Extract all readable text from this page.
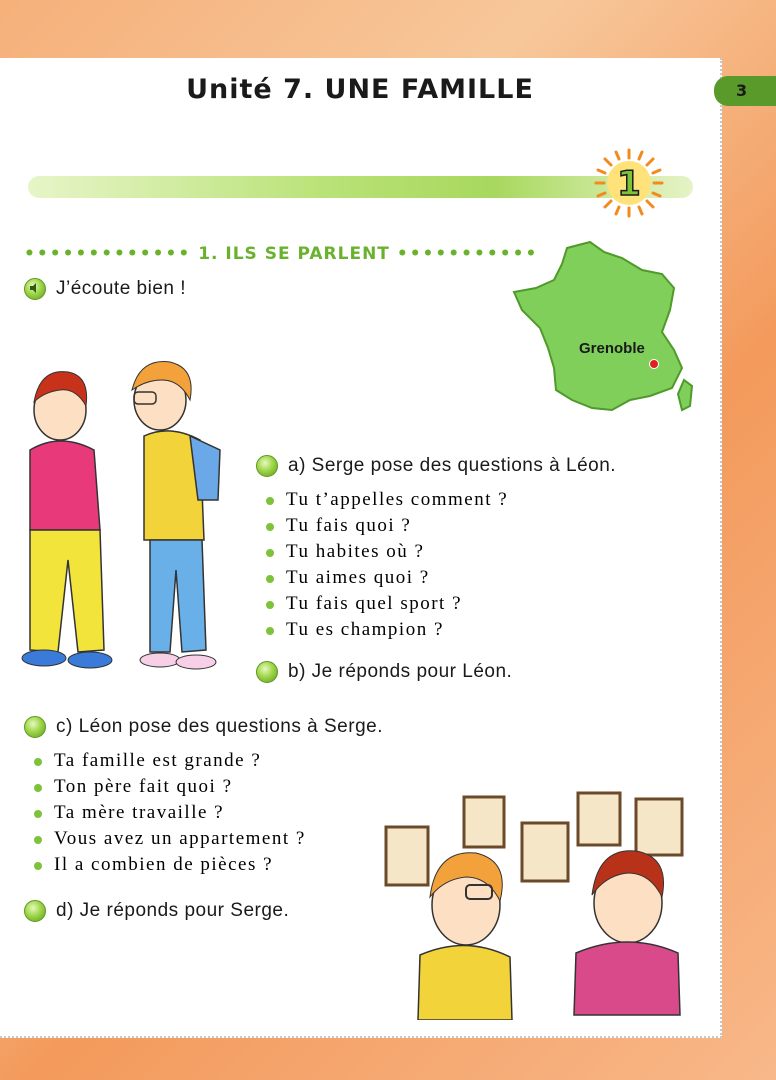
Unité 7. UNE FAMILLE	3
1
••••••••••••• 1. ILS SE PARLENT •••••••••••
J’écoute bien !
Grenoble
a) Serge pose des questions à Léon.
Tu t’appelles comment ?
Tu fais quoi ?
Tu habites où ?
Tu aimes quoi ?
Tu fais quel sport ?
Tu es champion ?
b) Je réponds pour Léon.
c) Léon pose des questions à Serge.
Ta famille est grande ?
Ton père fait quoi ?
Ta mère travaille ?
Vous avez un appartement ?
Il a combien de pièces ?
d) Je réponds pour Serge.
